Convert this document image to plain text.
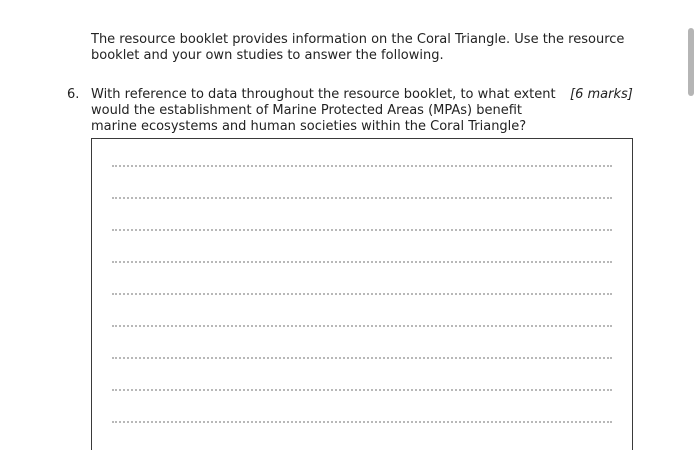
The resource booklet provides information on the Coral Triangle. Use the resource
booklet and your own studies to answer the following.
6. With reference to data throughout the resource booklet, to what extent
would the establishment of Marine Protected Areas (MPAs) benefit
marine ecosystems and human societies within the Coral Triangle?
[6 marks]
